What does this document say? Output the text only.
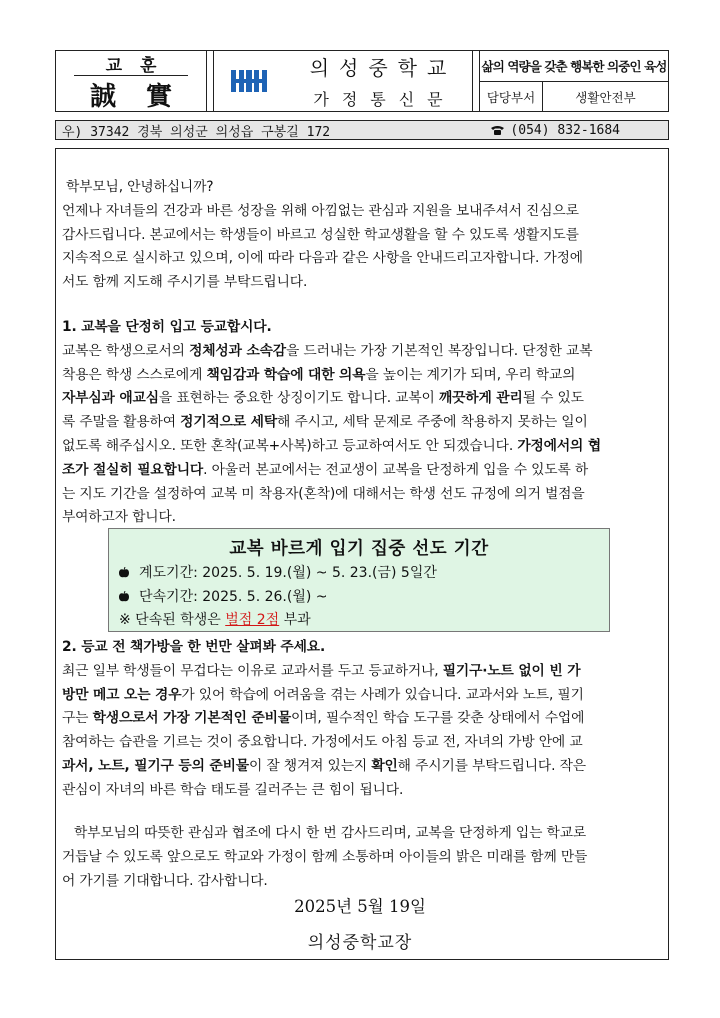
교훈
誠實
의성중학교
가정통신문
삶의 역량을 갖춘 행복한 의중인 육성
담당부서	생활안전부
우) 37342 경북 의성군 의성읍 구봉길 172	(054) 832-1684

학부모님, 안녕하십니까?

언제나 자녀들의 건강과 바른 성장을 위해 아낌없는 관심과 지원을 보내주셔서 진심으로

감사드립니다. 본교에서는 학생들이 바르고 성실한 학교생활을 할 수 있도록 생활지도를

지속적으로 실시하고 있으며, 이에 따라 다음과 같은 사항을 안내드리고자합니다. 가정에

서도 함께 지도해 주시기를 부탁드립니다.

1. 교복을 단정히 입고 등교합시다.

교복은 학생으로서의 정체성과 소속감을 드러내는 가장 기본적인 복장입니다. 단정한 교복

착용은 학생 스스로에게 책임감과 학습에 대한 의욕을 높이는 계기가 되며, 우리 학교의

자부심과 애교심을 표현하는 중요한 상징이기도 합니다. 교복이 깨끗하게 관리될 수 있도

록 주말을 활용하여 정기적으로 세탁해 주시고, 세탁 문제로 주중에 착용하지 못하는 일이

없도록 해주십시오. 또한 혼착(교복+사복)하고 등교하여서도 안 되겠습니다. 가정에서의 협

조가 절실히 필요합니다. 아울러 본교에서는 전교생이 교복을 단정하게 입을 수 있도록 하

는 지도 기간을 설정하여 교복 미 착용자(혼착)에 대해서는 학생 선도 규정에 의거 벌점을

부여하고자 합니다.

교복 바르게 입기 집중 선도 기간
계도기간: 2025. 5. 19.(월) ~ 5. 23.(금) 5일간
단속기간: 2025. 5. 26.(월) ~
※ 단속된 학생은 벌점 2점 부과

2. 등교 전 책가방을 한 번만 살펴봐 주세요.

최근 일부 학생들이 무겁다는 이유로 교과서를 두고 등교하거나, 필기구·노트 없이 빈 가

방만 메고 오는 경우가 있어 학습에 어려움을 겪는 사례가 있습니다. 교과서와 노트, 필기

구는 학생으로서 가장 기본적인 준비물이며, 필수적인 학습 도구를 갖춘 상태에서 수업에

참여하는 습관을 기르는 것이 중요합니다. 가정에서도 아침 등교 전, 자녀의 가방 안에 교

과서, 노트, 필기구 등의 준비물이 잘 챙겨져 있는지 확인해 주시기를 부탁드립니다. 작은

관심이 자녀의 바른 학습 태도를 길러주는 큰 힘이 됩니다.

학부모님의 따뜻한 관심과 협조에 다시 한 번 감사드리며, 교복을 단정하게 입는 학교로

거듭날 수 있도록 앞으로도 학교와 가정이 함께 소통하며 아이들의 밝은 미래를 함께 만들

어 가기를 기대합니다. 감사합니다.

2025년 5월 19일
의성중학교장
